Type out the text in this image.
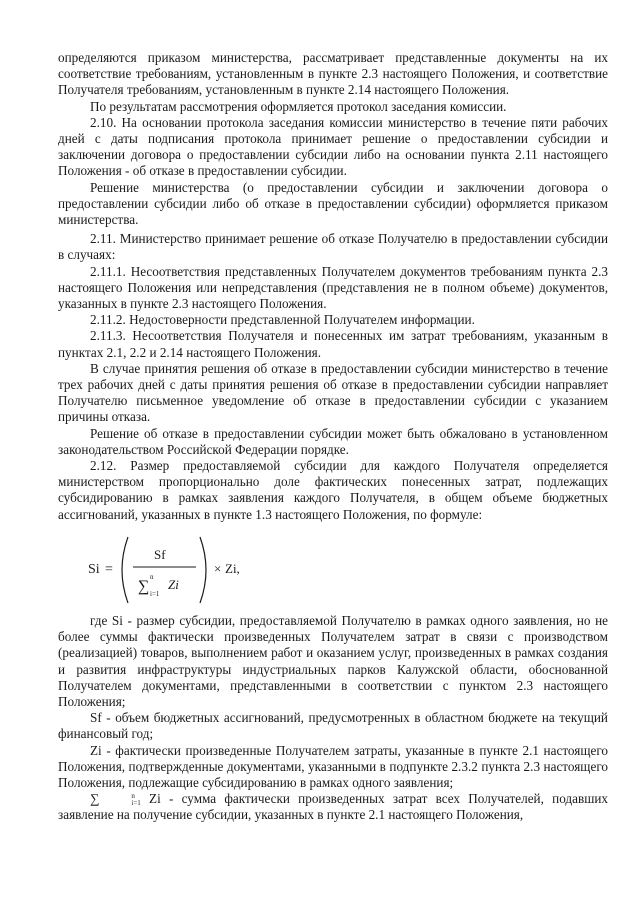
определяются приказом министерства, рассматривает представленные документы на их соответствие требованиям, установленным в пункте 2.3 настоящего Положения, и соответствие Получателя требованиям, установленным в пункте 2.14 настоящего Положения.

По результатам рассмотрения оформляется протокол заседания комиссии.

2.10. На основании протокола заседания комиссии министерство в течение пяти рабочих дней с даты подписания протокола принимает решение о предоставлении субсидии и заключении договора о предоставлении субсидии либо на основании пункта 2.11 настоящего Положения - об отказе в предоставлении субсидии.

Решение министерства (о предоставлении субсидии и заключении договора о предоставлении субсидии либо об отказе в предоставлении субсидии) оформляется приказом министерства.

2.11. Министерство принимает решение об отказе Получателю в предоставлении субсидии в случаях:

2.11.1. Несоответствия представленных Получателем документов требованиям пункта 2.3 настоящего Положения или непредставления (представления не в полном объеме) документов, указанных в пункте 2.3 настоящего Положения.

2.11.2. Недостоверности представленной Получателем информации.

2.11.3. Несоответствия Получателя и понесенных им затрат требованиям, указанным в пунктах 2.1, 2.2 и 2.14 настоящего Положения.

В случае принятия решения об отказе в предоставлении субсидии министерство в течение трех рабочих дней с даты принятия решения об отказе в предоставлении субсидии направляет Получателю письменное уведомление об отказе в предоставлении субсидии с указанием причины отказа.

Решение об отказе в предоставлении субсидии может быть обжаловано в установленном законодательством Российской Федерации порядке.

2.12. Размер предоставляемой субсидии для каждого Получателя определяется министерством пропорционально доле фактических понесенных затрат, подлежащих субсидированию в рамках заявления каждого Получателя, в общем объеме бюджетных ассигнований, указанных в пункте 1.3 настоящего Положения, по формуле:

Si =
Sf
∑
n
i=1
Zi
× Zi,

где Si - размер субсидии, предоставляемой Получателю в рамках одного заявления, но не более суммы фактически произведенных Получателем затрат в связи с производством (реализацией) товаров, выполнением работ и оказанием услуг, произведенных в рамках создания и развития инфраструктуры индустриальных парков Калужской области, обоснованной Получателем документами, представленными в соответствии с пунктом 2.3 настоящего Положения;

Sf - объем бюджетных ассигнований, предусмотренных в областном бюджете на текущий финансовый год;

Zi - фактически произведенные Получателем затраты, указанные в пункте 2.1 настоящего Положения, подтвержденные документами, указанными в подпункте 2.3.2 пункта 2.3 настоящего Положения, подлежащие субсидированию в рамках одного заявления;

∑	n
i=1 Zi - сумма фактически произведенных затрат всех Получателей, подавших заявление на получение субсидии, указанных в пункте 2.1 настоящего Положения,
